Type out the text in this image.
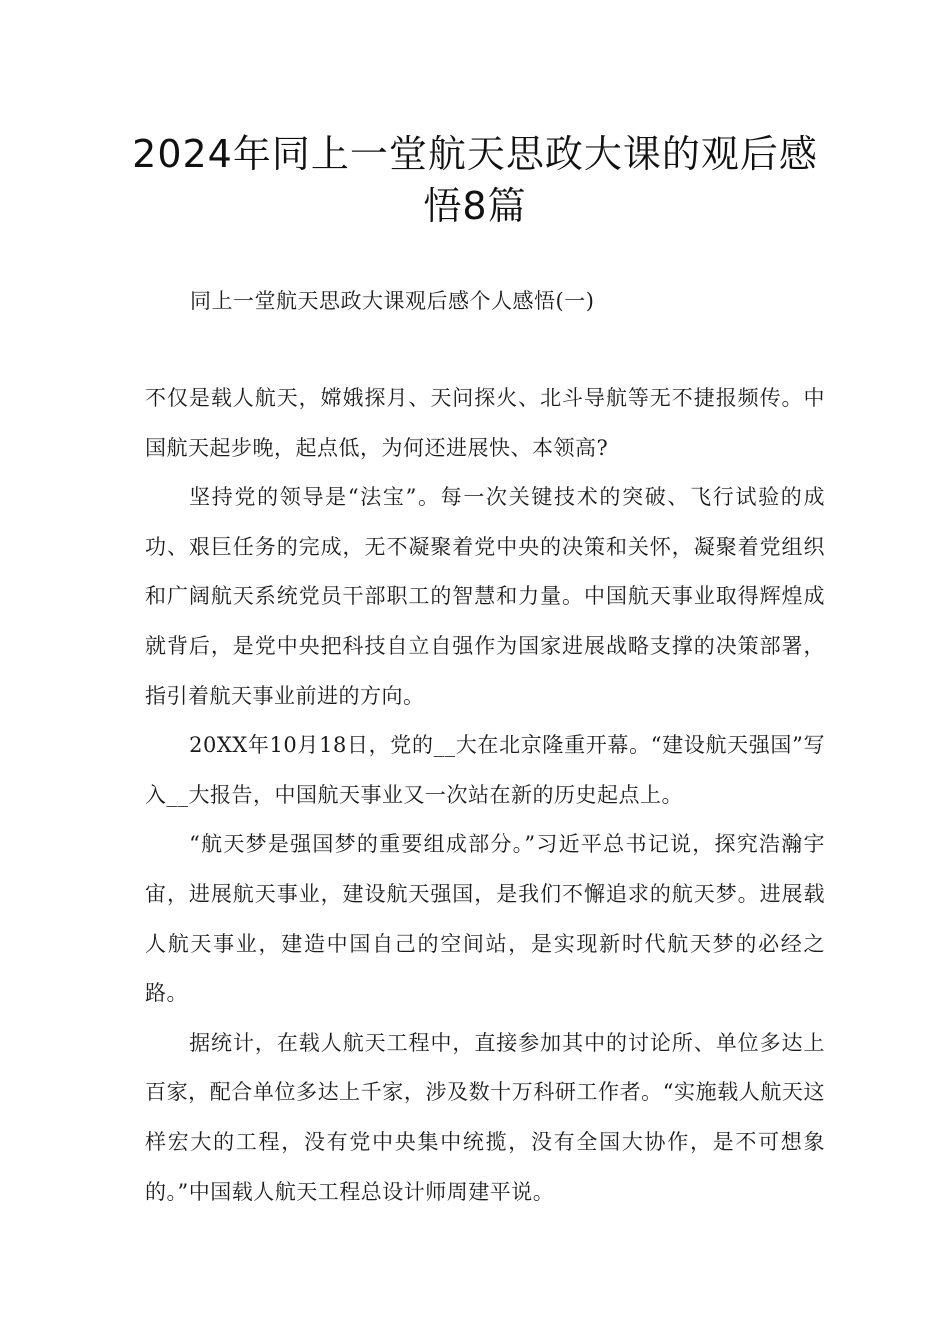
2024年同上一堂航天思政大课的观后感悟8篇

同上一堂航天思政大课观后感个人感悟(一)

不仅是载人航天，嫦娥探月、天问探火、北斗导航等无不捷报频传。中国航天起步晚，起点低，为何还进展快、本领高?

坚持党的领导是“法宝”。每一次关键技术的突破、飞行试验的成功、艰巨任务的完成，无不凝聚着党中央的决策和关怀，凝聚着党组织和广阔航天系统党员干部职工的智慧和力量。中国航天事业取得辉煌成就背后，是党中央把科技自立自强作为国家进展战略支撑的决策部署，指引着航天事业前进的方向。

20XX年10月18日，党的__大在北京隆重开幕。“建设航天强国”写入__大报告，中国航天事业又一次站在新的历史起点上。

“航天梦是强国梦的重要组成部分。”习近平总书记说，探究浩瀚宇宙，进展航天事业，建设航天强国，是我们不懈追求的航天梦。进展载人航天事业，建造中国自己的空间站，是实现新时代航天梦的必经之路。

据统计，在载人航天工程中，直接参加其中的讨论所、单位多达上百家，配合单位多达上千家，涉及数十万科研工作者。“实施载人航天这样宏大的工程，没有党中央集中统揽，没有全国大协作，是不可想象的。”中国载人航天工程总设计师周建平说。
